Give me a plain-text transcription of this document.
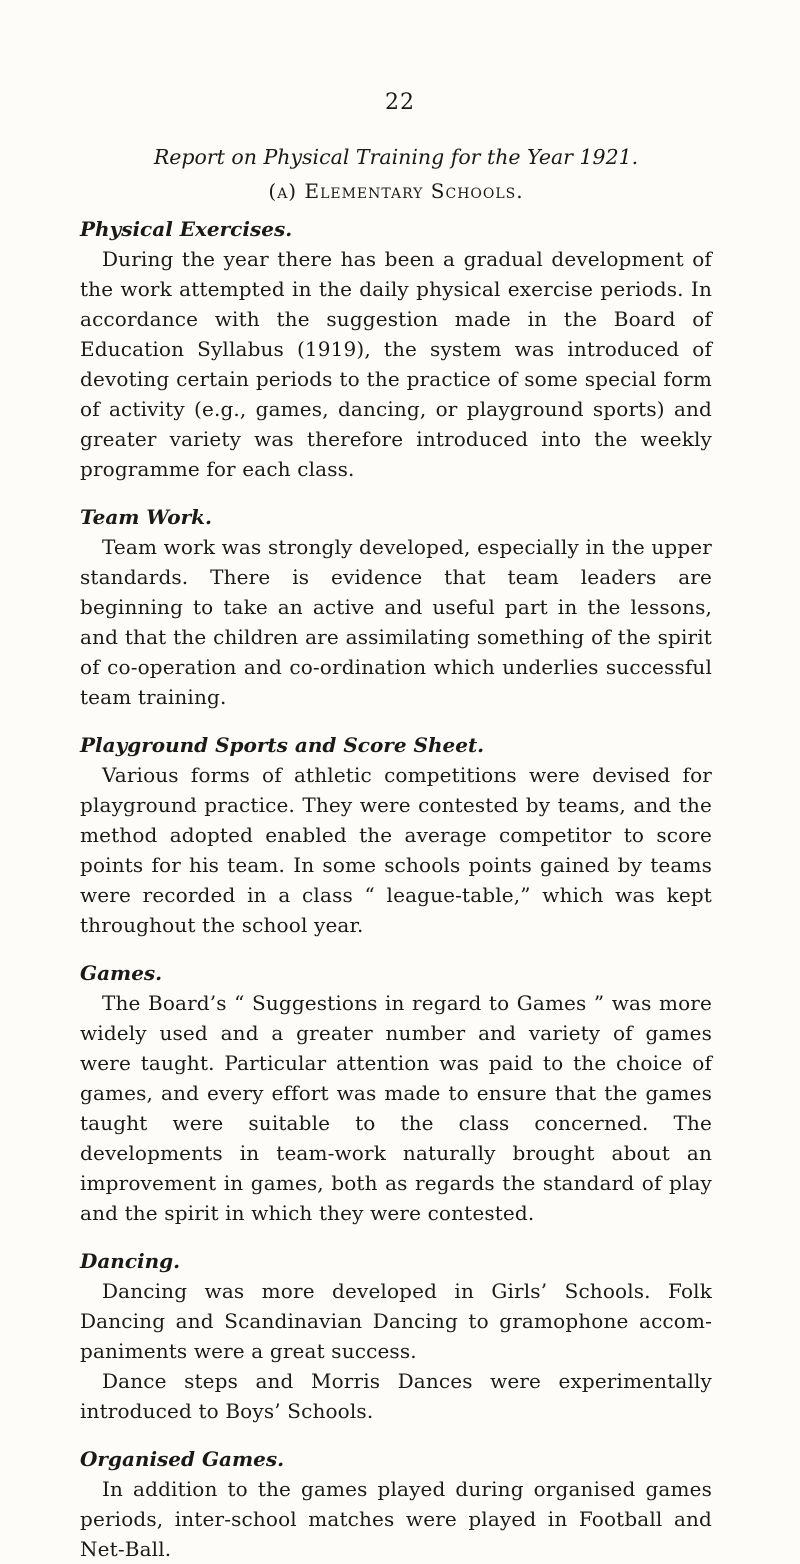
22

Report on Physical Training for the Year 1921.

(a) Elementary Schools.

Physical Exercises.

During the year there has been a gradual development of the work attempted in the daily physical exercise periods. In accordance with the suggestion made in the Board of Education Syllabus (1919), the system was introduced of devoting certain periods to the practice of some special form of activity (e.g., games, dancing, or playground sports) and greater variety was therefore introduced into the weekly programme for each class.

Team Work.

Team work was strongly developed, especially in the upper standards. There is evidence that team leaders are beginning to take an active and useful part in the lessons, and that the children are assimilating something of the spirit of co-operation and co-ordination which underlies successful team training.

Playground Sports and Score Sheet.

Various forms of athletic competitions were devised for playground practice. They were contested by teams, and the method adopted enabled the average competitor to score points for his team. In some schools points gained by teams were recorded in a class “ league-table,” which was kept throughout the school year.

Games.

The Board’s “ Suggestions in regard to Games ” was more widely used and a greater number and variety of games were taught. Particular attention was paid to the choice of games, and every effort was made to ensure that the games taught were suitable to the class concerned. The developments in team-work naturally brought about an improvement in games, both as regards the standard of play and the spirit in which they were contested.

Dancing.

Dancing was more developed in Girls’ Schools. Folk Dancing and Scandinavian Dancing to gramophone accom- paniments were a great success.

Dance steps and Morris Dances were experimentally introduced to Boys’ Schools.

Organised Games.

In addition to the games played during organised games periods, inter-school matches were played in Football and Net-Ball.
